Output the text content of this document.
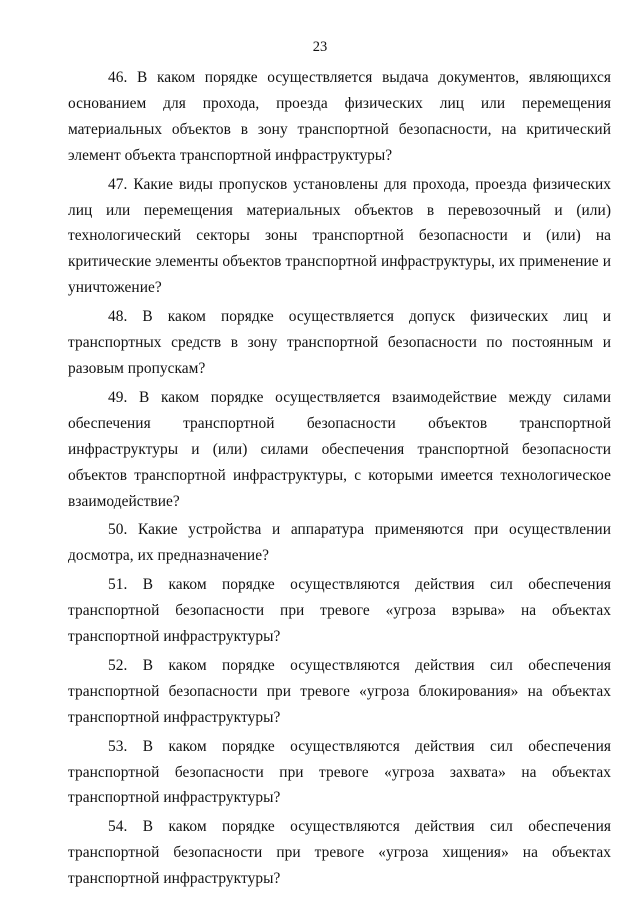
23

46. В каком порядке осуществляется выдача документов, являющихся основанием для прохода, проезда физических лиц или перемещения материальных объектов в зону транспортной безопасности, на критический элемент объекта транспортной инфраструктуры?

47. Какие виды пропусков установлены для прохода, проезда физических лиц или перемещения материальных объектов в перевозочный и (или) технологический секторы зоны транспортной безопасности и (или) на критические элементы объектов транспортной инфраструктуры, их применение и уничтожение?

48. В каком порядке осуществляется допуск физических лиц и транспортных средств в зону транспортной безопасности по постоянным и разовым пропускам?

49. В каком порядке осуществляется взаимодействие между силами обеспечения транспортной безопасности объектов транспортной инфраструктуры и (или) силами обеспечения транспортной безопасности объектов транспортной инфраструктуры, с которыми имеется технологическое взаимодействие?

50. Какие устройства и аппаратура применяются при осуществлении досмотра, их предназначение?

51. В каком порядке осуществляются действия сил обеспечения транспортной безопасности при тревоге «угроза взрыва» на объектах транспортной инфраструктуры?

52. В каком порядке осуществляются действия сил обеспечения транспортной безопасности при тревоге «угроза блокирования» на объектах транспортной инфраструктуры?

53. В каком порядке осуществляются действия сил обеспечения транспортной безопасности при тревоге «угроза захвата» на объектах транспортной инфраструктуры?

54. В каком порядке осуществляются действия сил обеспечения транспортной безопасности при тревоге «угроза хищения» на объектах транспортной инфраструктуры?
